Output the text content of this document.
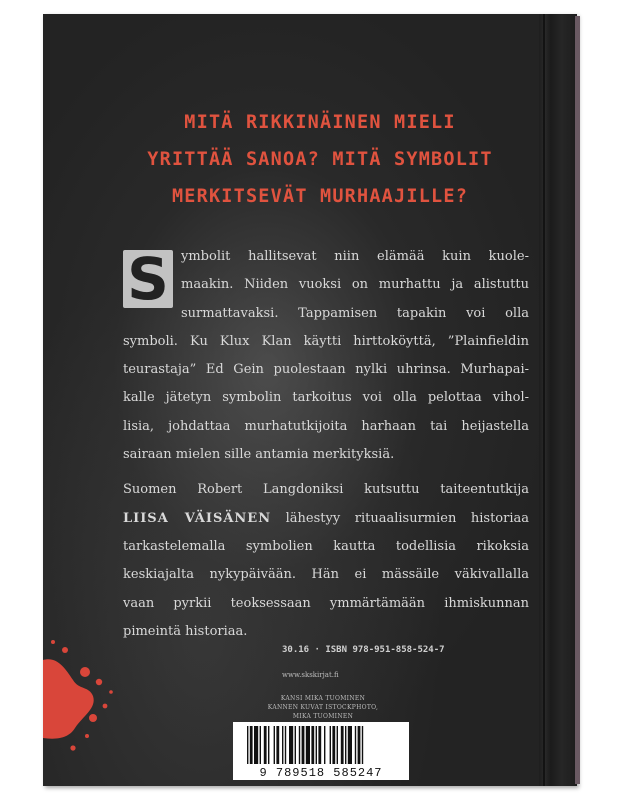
MITÄ RIKKINÄINEN MIELI
YRITTÄÄ SANOA? MITÄ SYMBOLIT
MERKITSEVÄT MURHAAJILLE?
S ymbolit hallitsevat niin elämää kuin kuole-
maakin. Niiden vuoksi on murhattu ja alistuttu
surmattavaksi. Tappamisen tapakin voi olla
symboli. Ku Klux Klan käytti hirttoköyttä, ”Plainfieldin
teurastaja” Ed Gein puolestaan nylki uhrinsa. Murhapai-
kalle jätetyn symbolin tarkoitus voi olla pelottaa vihol-
lisia, johdattaa murhatutkijoita harhaan tai heijastella
sairaan mielen sille antamia merkityksiä.
Suomen Robert Langdoniksi kutsuttu taiteentutkija
LIISA VÄISÄNEN lähestyy rituaalisurmien historiaa
tarkastelemalla symbolien kautta todellisia rikoksia
keskiajalta nykypäivään. Hän ei mässäile väkivallalla
vaan pyrkii teoksessaan ymmärtämään ihmiskunnan
pimeintä historiaa.
30.16 · ISBN 978-951-858-524-7
www.skskirjat.fi
KANSI MIKA TUOMINEN
KANNEN KUVAT ISTOCKPHOTO,
MIKA TUOMINEN
9 789518 585247
